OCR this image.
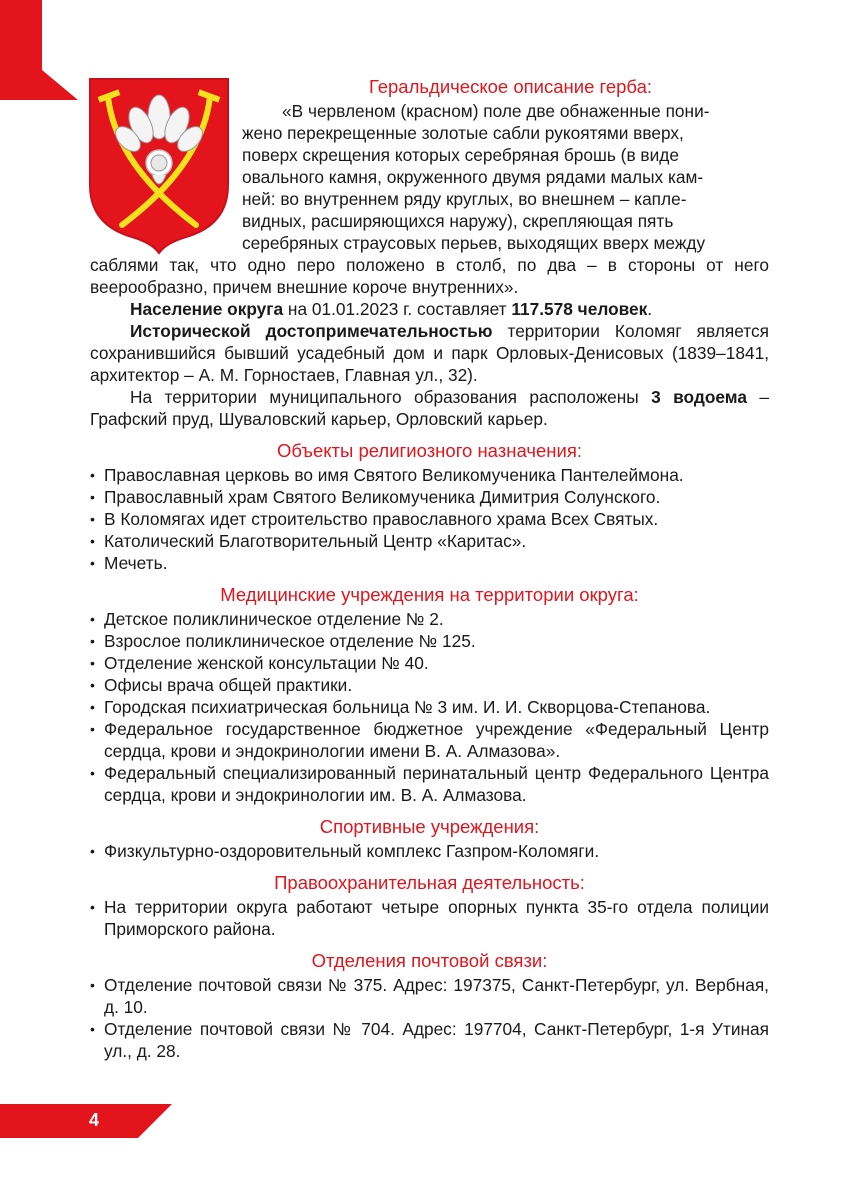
Геральдическое описание герба:

«В червленом (красном) поле две обнаженные пони-

жено перекрещенные золотые сабли рукоятями вверх,

поверх скрещения которых серебряная брошь (в виде

овального камня, окруженного двумя рядами малых кам-

ней: во внутреннем ряду круглых, во внешнем – капле-

видных, расширяющихся наружу), скрепляющая пять

серебряных страусовых перьев, выходящих вверх между

саблями так, что одно перо положено в столб, по два – в стороны от него веерообразно, причем внешние короче внутренних».

Население округа на 01.01.2023 г. составляет 117.578 человек.

Исторической достопримечательностью территории Коломяг является сохранившийся бывший усадебный дом и парк Орловых-Денисовых (1839–1841, архитектор – А. М. Горностаев, Главная ул., 32).

На территории муниципального образования расположены 3 водоема – Графский пруд, Шуваловский карьер, Орловский карьер.

Объекты религиозного назначения:

• Православная церковь во имя Святого Великомученика Пантелеймона.
• Православный храм Святого Великомученика Димитрия Солунского.
• В Коломягах идет строительство православного храма Всех Святых.
• Католический Благотворительный Центр «Каритас».
• Мечеть.

Медицинские учреждения на территории округа:

• Детское поликлиническое отделение № 2.
• Взрослое поликлиническое отделение № 125.
• Отделение женской консультации № 40.
• Офисы врача общей практики.
• Городская психиатрическая больница № 3 им. И. И. Скворцова-Степанова.
• Федеральное государственное бюджетное учреждение «Федеральный Центр сердца, крови и эндокринологии имени В. А. Алмазова».
• Федеральный специализированный перинатальный центр Федерального Центра сердца, крови и эндокринологии им. В. А. Алмазова.

Спортивные учреждения:

• Физкультурно-оздоровительный комплекс Газпром-Коломяги.

Правоохранительная деятельность:

• На территории округа работают четыре опорных пункта 35-го отдела полиции Приморского района.

Отделения почтовой связи:

• Отделение почтовой связи № 375. Адрес: 197375, Санкт-Петербург, ул. Вербная, д. 10.
• Отделение почтовой связи № 704. Адрес: 197704, Санкт-Петербург, 1-я Утиная ул., д. 28.
4
